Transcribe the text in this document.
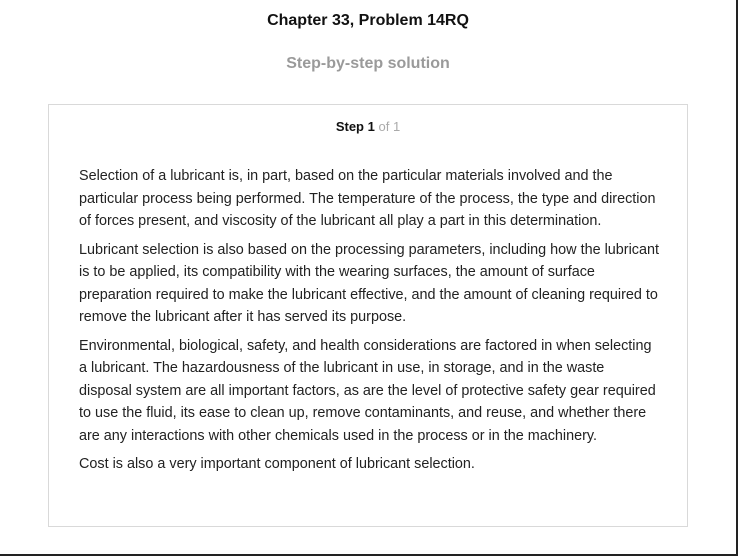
Chapter 33, Problem 14RQ
Step-by-step solution
Step 1 of 1

Selection of a lubricant is, in part, based on the particular materials involved and the particular process being performed. The temperature of the process, the type and direction of forces present, and viscosity of the lubricant all play a part in this determination.

Lubricant selection is also based on the processing parameters, including how the lubricant is to be applied, its compatibility with the wearing surfaces, the amount of surface preparation required to make the lubricant effective, and the amount of cleaning required to remove the lubricant after it has served its purpose.

Environmental, biological, safety, and health considerations are factored in when selecting a lubricant. The hazardousness of the lubricant in use, in storage, and in the waste disposal system are all important factors, as are the level of protective safety gear required to use the fluid, its ease to clean up, remove contaminants, and reuse, and whether there are any interactions with other chemicals used in the process or in the machinery.

Cost is also a very important component of lubricant selection.
